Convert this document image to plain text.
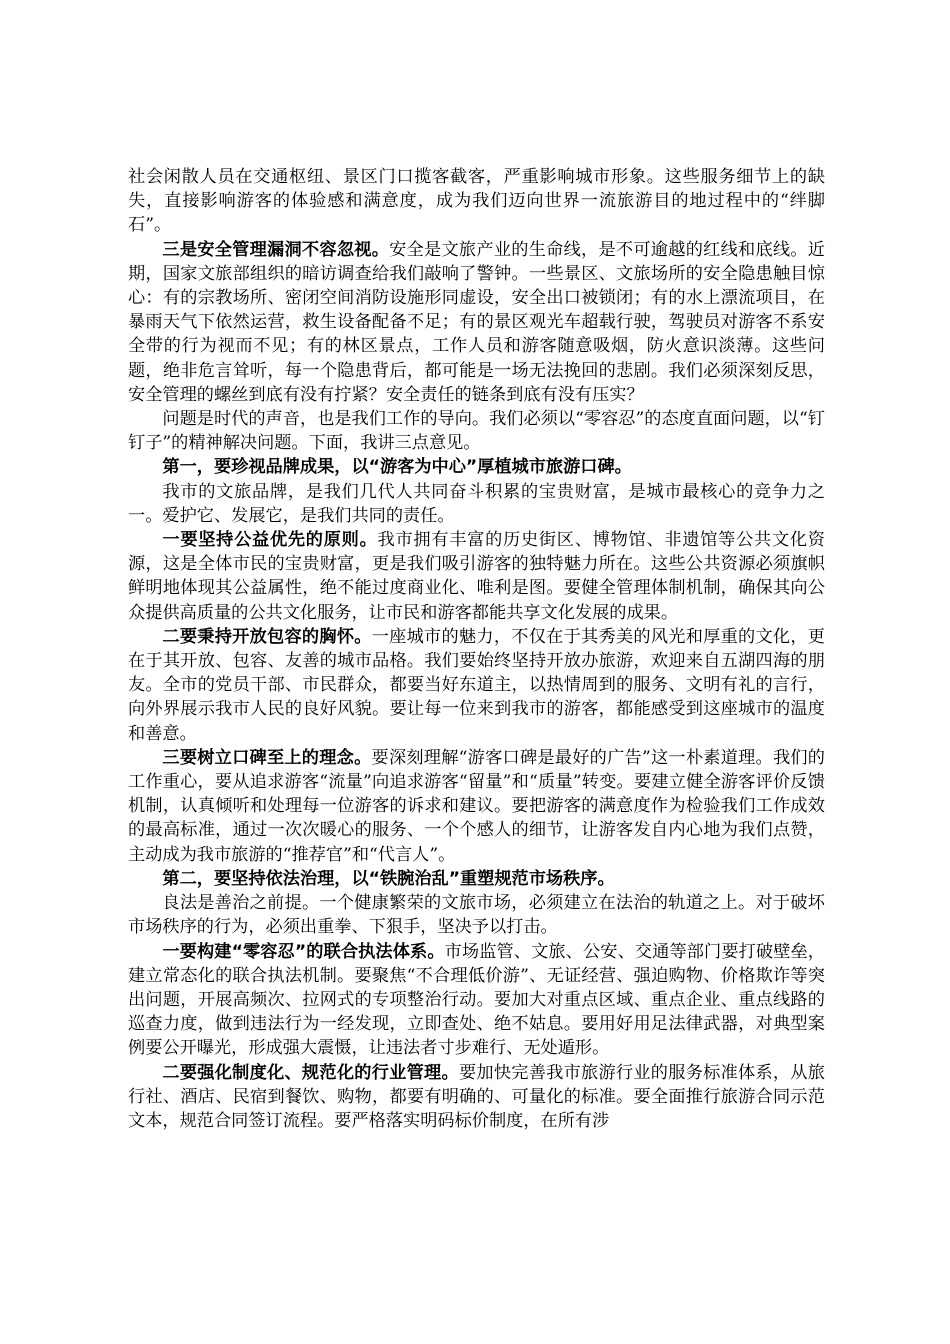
社会闲散人员在交通枢纽、景区门口揽客截客，严重影响城市形象。这些服务细节上的缺失，直接影响游客的体验感和满意度，成为我们迈向世界一流旅游目的地过程中的“绊脚石”。

三是安全管理漏洞不容忽视。安全是文旅产业的生命线，是不可逾越的红线和底线。近期，国家文旅部组织的暗访调查给我们敲响了警钟。一些景区、文旅场所的安全隐患触目惊心：有的宗教场所、密闭空间消防设施形同虚设，安全出口被锁闭；有的水上漂流项目，在暴雨天气下依然运营，救生设备配备不足；有的景区观光车超载行驶，驾驶员对游客不系安全带的行为视而不见；有的林区景点，工作人员和游客随意吸烟，防火意识淡薄。这些问题，绝非危言耸听，每一个隐患背后，都可能是一场无法挽回的悲剧。我们必须深刻反思，安全管理的螺丝到底有没有拧紧？安全责任的链条到底有没有压实？

问题是时代的声音，也是我们工作的导向。我们必须以“零容忍”的态度直面问题，以“钉钉子”的精神解决问题。下面，我讲三点意见。

第一，要珍视品牌成果，以“游客为中心”厚植城市旅游口碑。

我市的文旅品牌，是我们几代人共同奋斗积累的宝贵财富，是城市最核心的竞争力之一。爱护它、发展它，是我们共同的责任。

一要坚持公益优先的原则。我市拥有丰富的历史街区、博物馆、非遗馆等公共文化资源，这是全体市民的宝贵财富，更是我们吸引游客的独特魅力所在。这些公共资源必须旗帜鲜明地体现其公益属性，绝不能过度商业化、唯利是图。要健全管理体制机制，确保其向公众提供高质量的公共文化服务，让市民和游客都能共享文化发展的成果。

二要秉持开放包容的胸怀。一座城市的魅力，不仅在于其秀美的风光和厚重的文化，更在于其开放、包容、友善的城市品格。我们要始终坚持开放办旅游，欢迎来自五湖四海的朋友。全市的党员干部、市民群众，都要当好东道主，以热情周到的服务、文明有礼的言行，向外界展示我市人民的良好风貌。要让每一位来到我市的游客，都能感受到这座城市的温度和善意。

三要树立口碑至上的理念。要深刻理解“游客口碑是最好的广告”这一朴素道理。我们的工作重心，要从追求游客“流量”向追求游客“留量”和“质量”转变。要建立健全游客评价反馈机制，认真倾听和处理每一位游客的诉求和建议。要把游客的满意度作为检验我们工作成效的最高标准，通过一次次暖心的服务、一个个感人的细节，让游客发自内心地为我们点赞，主动成为我市旅游的“推荐官”和“代言人”。

第二，要坚持依法治理，以“铁腕治乱”重塑规范市场秩序。

良法是善治之前提。一个健康繁荣的文旅市场，必须建立在法治的轨道之上。对于破坏市场秩序的行为，必须出重拳、下狠手，坚决予以打击。

一要构建“零容忍”的联合执法体系。市场监管、文旅、公安、交通等部门要打破壁垒，建立常态化的联合执法机制。要聚焦“不合理低价游”、无证经营、强迫购物、价格欺诈等突出问题，开展高频次、拉网式的专项整治行动。要加大对重点区域、重点企业、重点线路的巡查力度，做到违法行为一经发现，立即查处、绝不姑息。要用好用足法律武器，对典型案例要公开曝光，形成强大震慑，让违法者寸步难行、无处遁形。

二要强化制度化、规范化的行业管理。要加快完善我市旅游行业的服务标准体系，从旅行社、酒店、民宿到餐饮、购物，都要有明确的、可量化的标准。要全面推行旅游合同示范文本，规范合同签订流程。要严格落实明码标价制度，在所有涉
